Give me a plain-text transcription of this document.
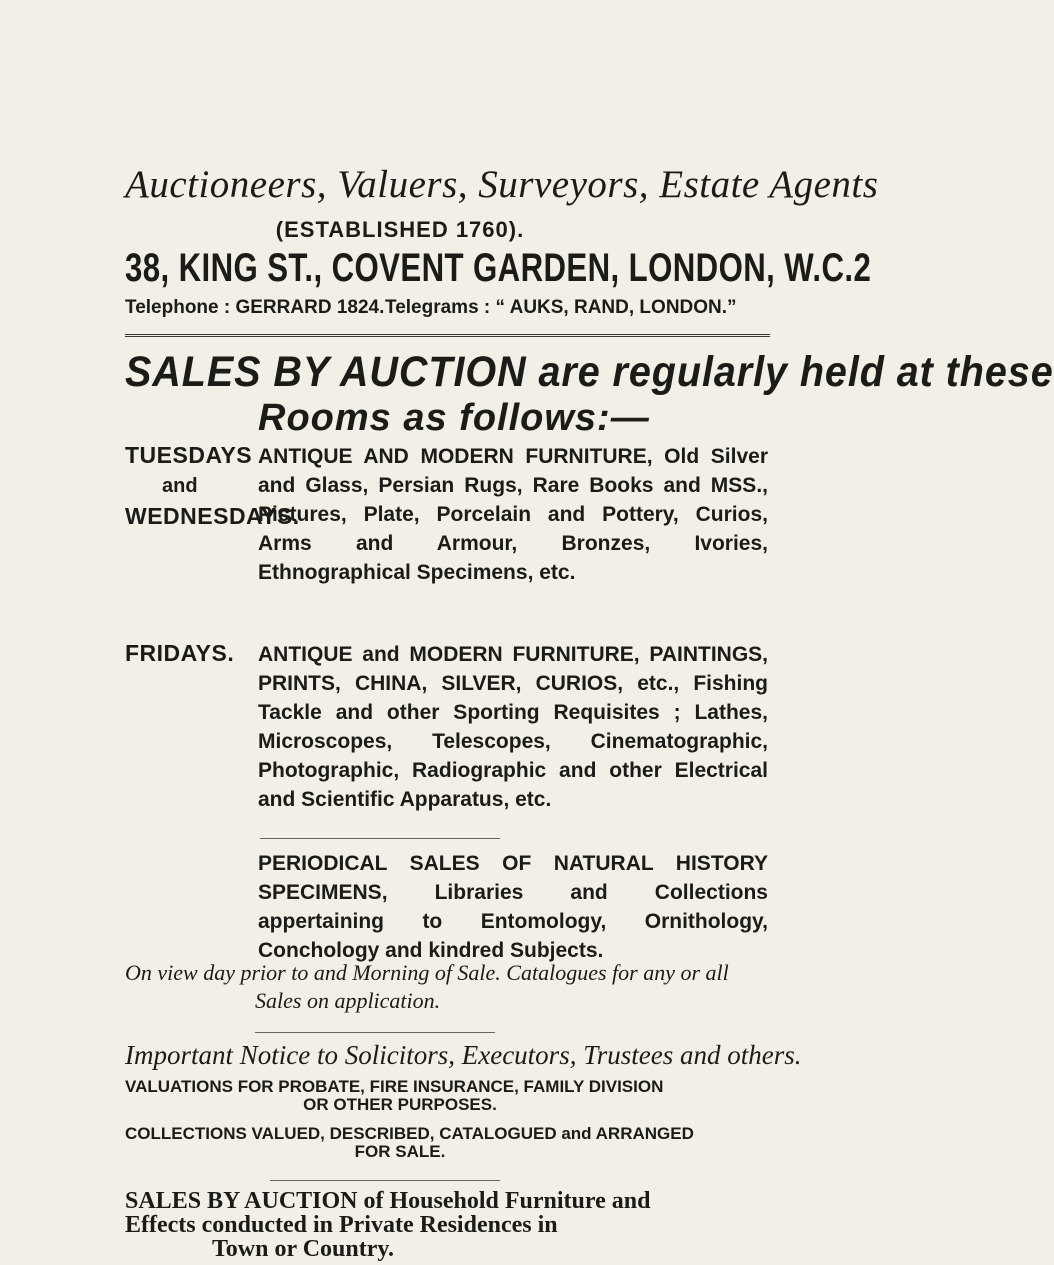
Auctioneers, Valuers, Surveyors, Estate Agents
(ESTABLISHED 1760).
38, KING ST., COVENT GARDEN, LONDON, W.C.2
Telephone : GERRARD 1824. Telegrams : “ AUKS, RAND, LONDON.”
SALES BY AUCTION are regularly held at these
Rooms as follows:—
TUESDAYS
and
WEDNESDAYS.
ANTIQUE AND MODERN FURNITURE, Old Silver and Glass, Persian Rugs, Rare Books and MSS., Pictures, Plate, Porcelain and Pottery, Curios, Arms and Armour, Bronzes, Ivories, Ethnographical Specimens, etc.
FRIDAYS. ANTIQUE and MODERN FURNITURE, PAINTINGS, PRINTS, CHINA, SILVER, CURIOS, etc., Fishing Tackle and other Sporting Requisites ; Lathes, Microscopes, Telescopes, Cinematographic, Photographic, Radiographic and other Electrical and Scientific Apparatus, etc.
PERIODICAL SALES OF NATURAL HISTORY SPECIMENS, Libraries and Collections appertaining to Entomology, Ornithology, Conchology and kindred Subjects.
On view day prior to and Morning of Sale. Catalogues for any or all
Sales on application.
Important Notice to Solicitors, Executors, Trustees and others.
VALUATIONS FOR PROBATE, FIRE INSURANCE, FAMILY DIVISION
OR OTHER PURPOSES.
COLLECTIONS VALUED, DESCRIBED, CATALOGUED and ARRANGED
FOR SALE.
SALES BY AUCTION of Household Furniture and
Effects conducted in Private Residences in
Town or Country.
